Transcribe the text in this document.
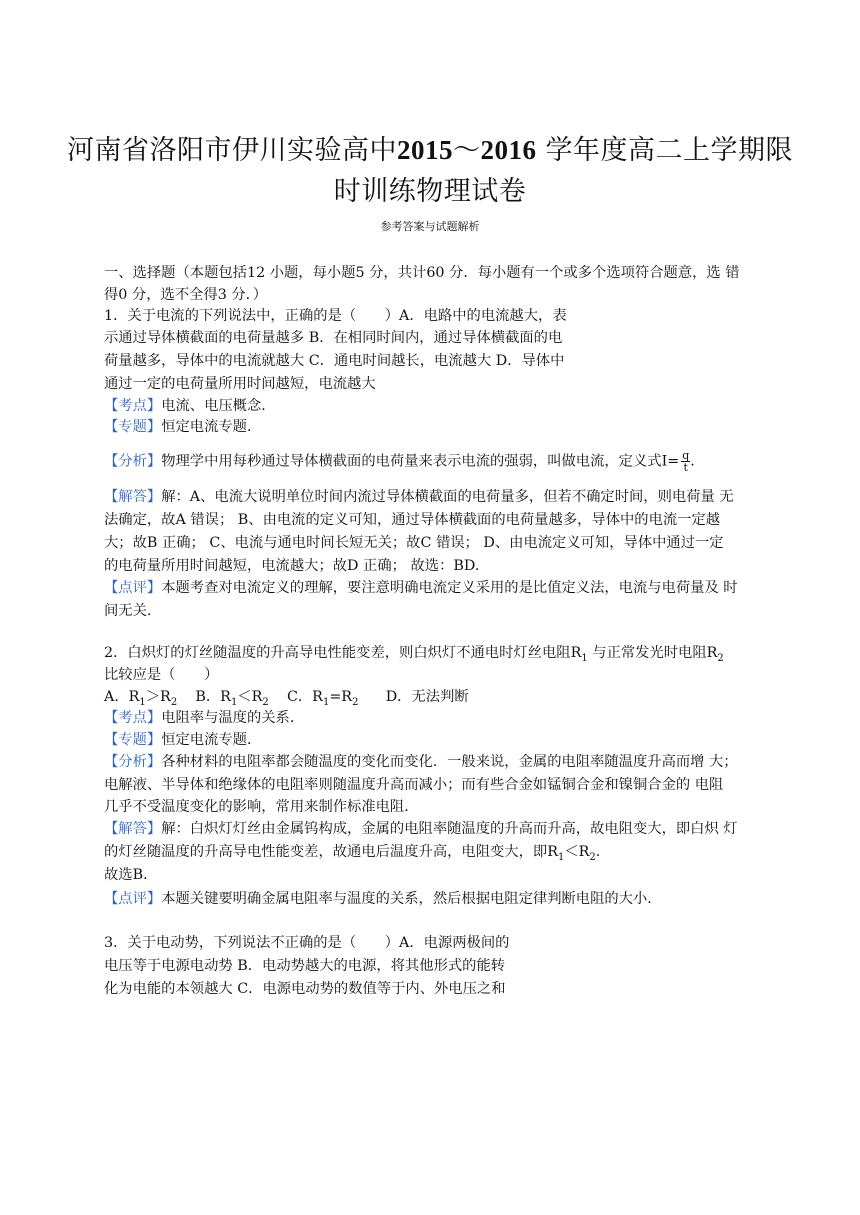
河南省洛阳市伊川实验高中2015～2016 学年度高二上学期限
时训练物理试卷
参考答案与试题解析
一、选择题（本题包括12 小题，每小题5 分，共计60 分．每小题有一个或多个选项符合题意，选 错
得0 分，选不全得3 分．）
1．关于电流的下列说法中，正确的是（　　）A．电路中的电流越大，表
示通过导体横截面的电荷量越多 B．在相同时间内，通过导体横截面的电
荷量越多，导体中的电流就越大 C．通电时间越长，电流越大 D．导体中
通过一定的电荷量所用时间越短，电流越大
【考点】电流、电压概念．
【专题】恒定电流专题．
【分析】物理学中用每秒通过导体横截面的电荷量来表示电流的强弱，叫做电流，定义式$I= \frac{q}{t}$ .
【解答】解：A、电流大说明单位时间内流过导体横截面的电荷量多，但若不确定时间，则电荷量 无
法确定，故A 错误； B、由电流的定义可知，通过导体横截面的电荷量越多，导体中的电流一定越
大；故B 正确； C、电流与通电时间长短无关；故C 错误； D、由电流定义可知，导体中通过一定
的电荷量所用时间越短，电流越大；故D 正确； 故选：BD.
【点评】本题考查对电流定义的理解，要注意明确电流定义采用的是比值定义法，电流与电荷量及 时
间无关.
2．白炽灯的灯丝随温度的升高导电性能变差，则白炽灯不通电时灯丝电阻$R_1$ 与正常发光时电阻$R_2$
比较应是（　　）
A．$R_1>R_2$    B．$R_1<R_2$    C．$R_1=R_2$      D．无法判断
【考点】电阻率与温度的关系．
【专题】恒定电流专题．
【分析】各种材料的电阻率都会随温度的变化而变化．一般来说，金属的电阻率随温度升高而增 大；
电解液、半导体和绝缘体的电阻率则随温度升高而减小；而有些合金如锰铜合金和镍铜合金的 电阻
几乎不受温度变化的影响，常用来制作标准电阻．
【解答】解：白炽灯灯丝由金属钨构成，金属的电阻率随温度的升高而升高，故电阻变大，即白炽 灯
的灯丝随温度的升高导电性能变差，故通电后温度升高，电阻变大，即$R_1<R_2$.
故选B．
【点评】本题关键要明确金属电阻率与温度的关系，然后根据电阻定律判断电阻的大小．
3．关于电动势，下列说法不正确的是（　　）A．电源两极间的
电压等于电源电动势 B．电动势越大的电源，将其他形式的能转
化为电能的本领越大 C．电源电动势的数值等于内、外电压之和
